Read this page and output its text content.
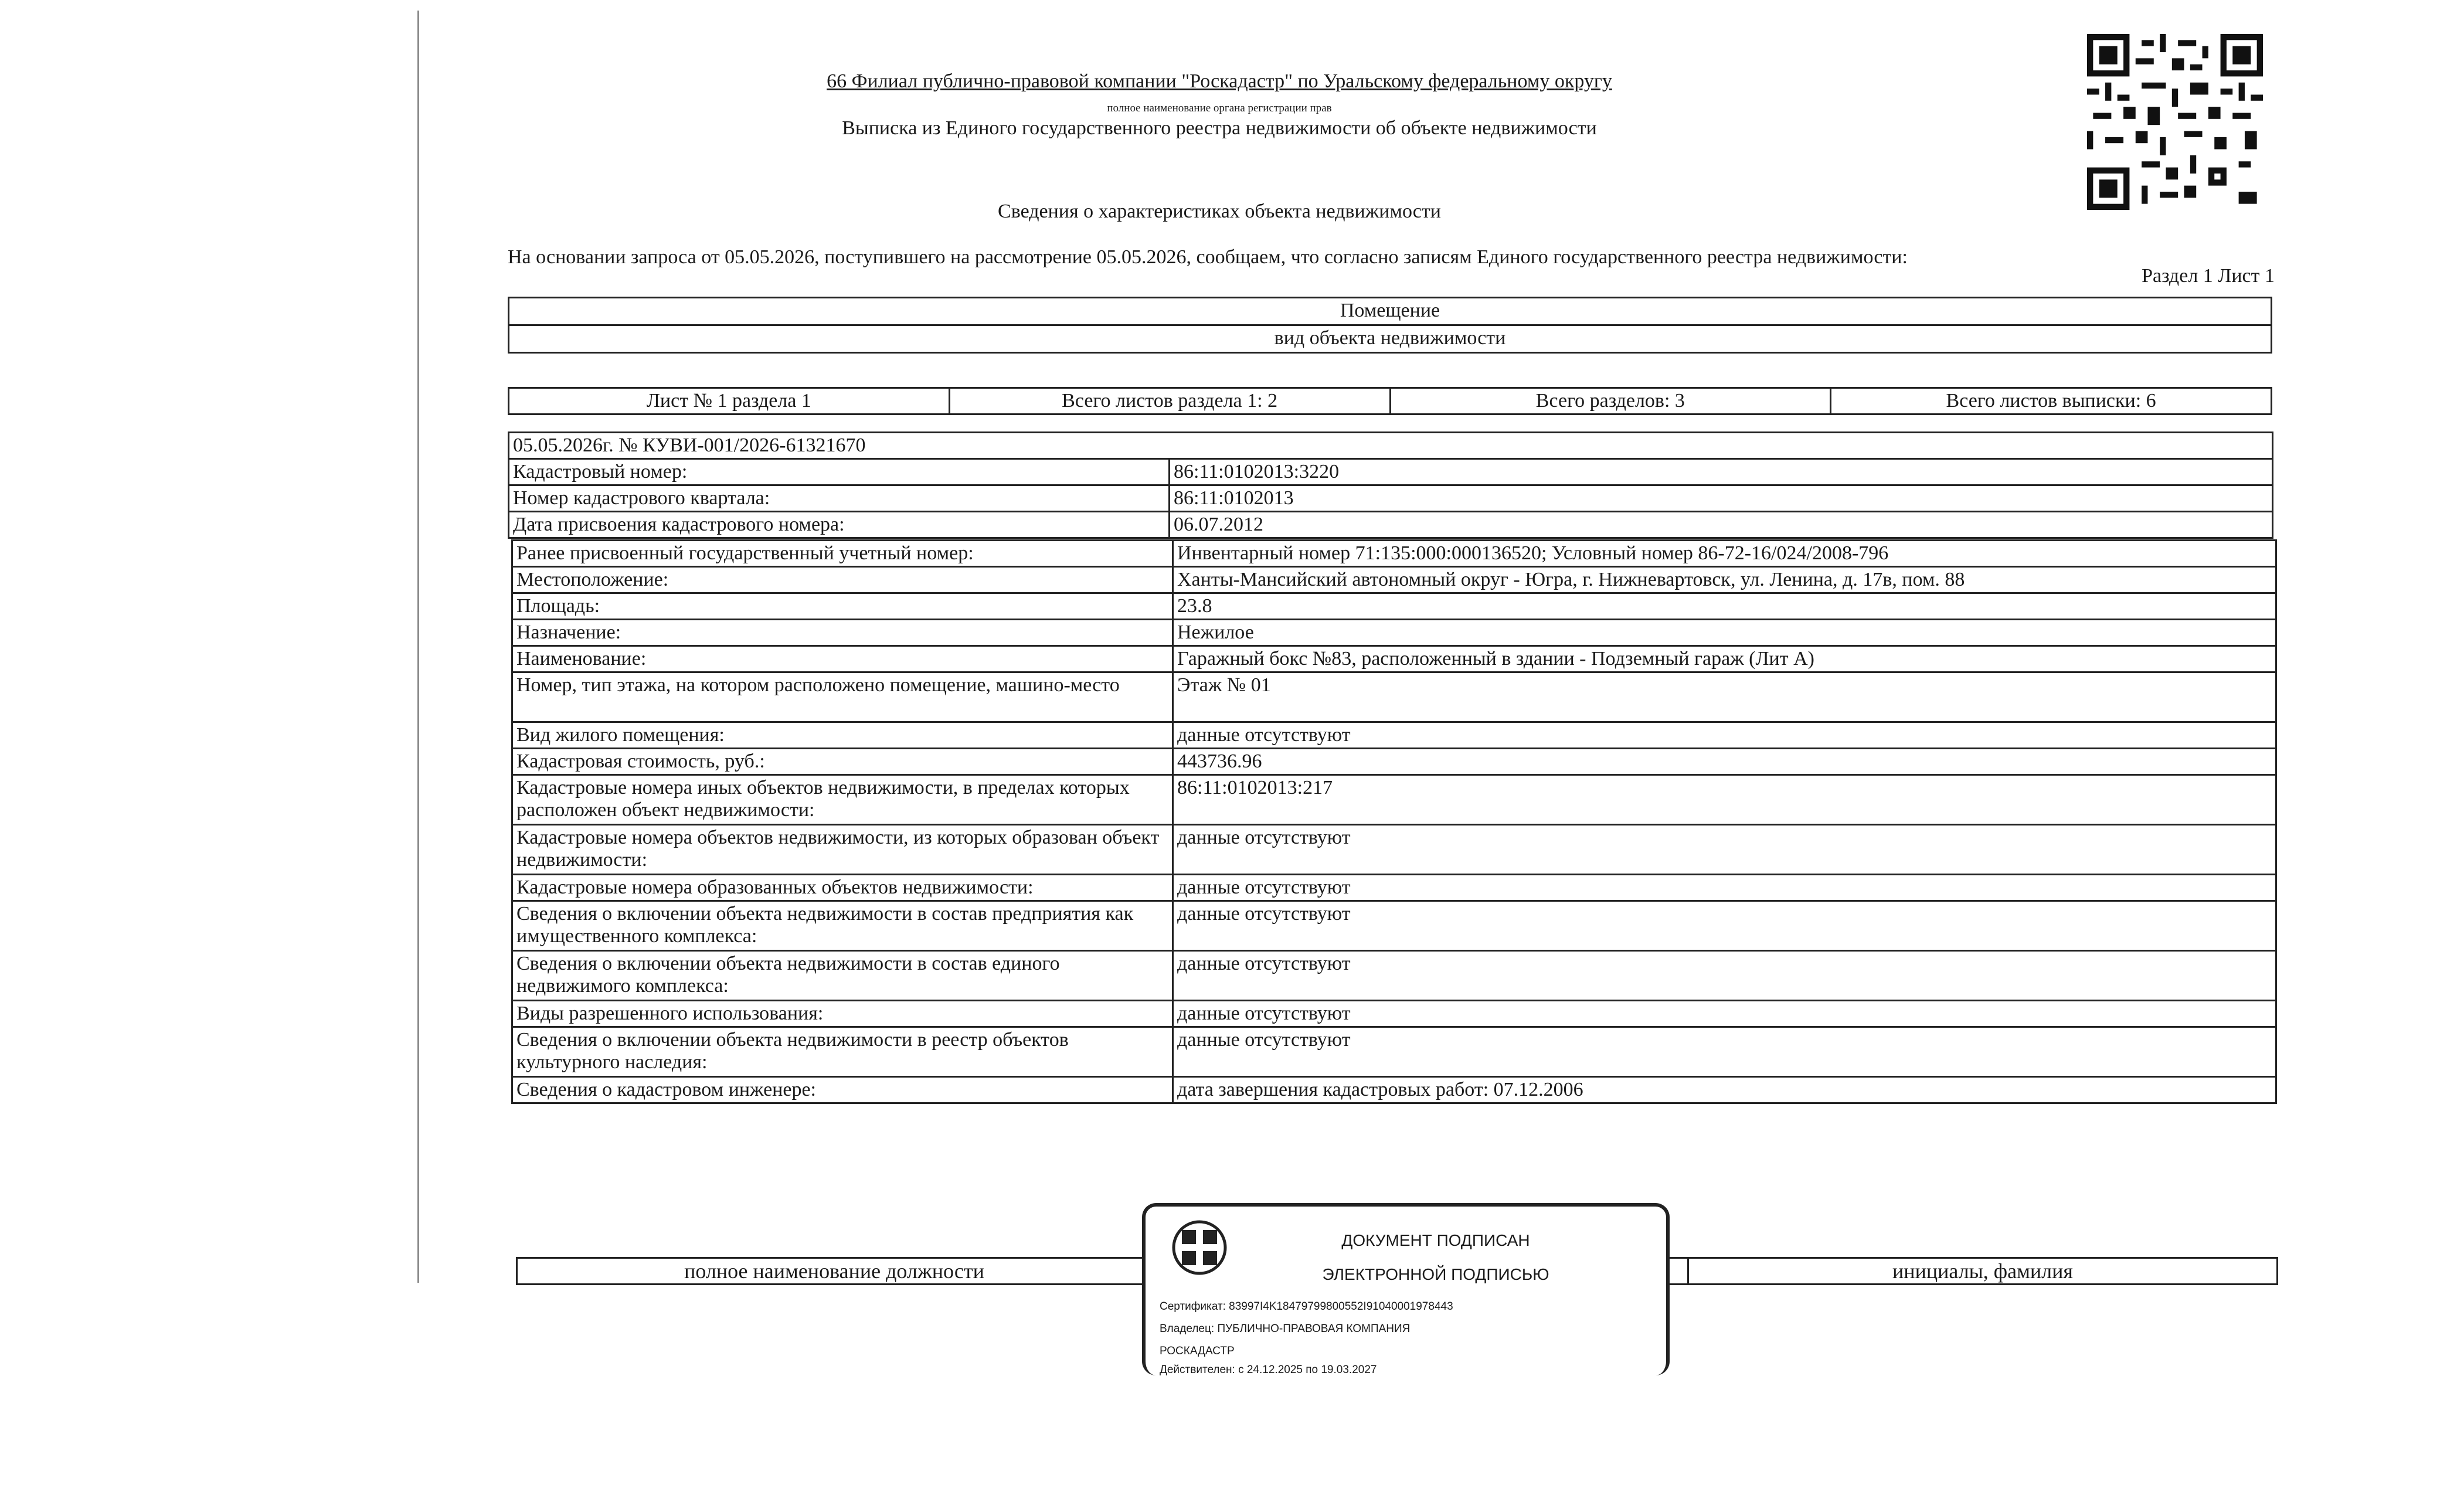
66 Филиал публично-правовой компании "Роскадастр" по Уральскому федеральному округу
полное наименование органа регистрации прав
Выписка из Единого государственного реестра недвижимости об объекте недвижимости
Сведения о характеристиках объекта недвижимости
На основании запроса от 05.05.2026, поступившего на рассмотрение 05.05.2026, сообщаем, что согласно записям Единого государственного реестра недвижимости:
Раздел 1 Лист 1
Помещение
вид объекта недвижимости
Лист № 1 раздела 1	Всего листов раздела 1: 2	Всего разделов: 3	Всего листов выписки: 6
05.05.2026г. № КУВИ-001/2026-61321670	
Кадастровый номер:	86:11:0102013:3220
Номер кадастрового квартала:	86:11:0102013
Дата присвоения кадастрового номера:	06.07.2012
Ранее присвоенный государственный учетный номер:	Инвентарный номер 71:135:000:000136520; Условный номер 86-72-16/024/2008-796
Местоположение:	Ханты-Мансийский автономный округ - Югра, г. Нижневартовск, ул. Ленина, д. 17в, пом. 88
Площадь:	23.8
Назначение:	Нежилое
Наименование:	Гаражный бокс №83, расположенный в здании - Подземный гараж (Лит А)
Номер, тип этажа, на котором расположено помещение, машино-место	Этаж № 01
Вид жилого помещения:	данные отсутствуют
Кадастровая стоимость, руб.:	443736.96
Кадастровые номера иных объектов недвижимости, в пределах которых расположен объект недвижимости:	86:11:0102013:217
Кадастровые номера объектов недвижимости, из которых образован объект недвижимости:	данные отсутствуют
Кадастровые номера образованных объектов недвижимости:	данные отсутствуют
Сведения о включении объекта недвижимости в состав предприятия как имущественного комплекса:	данные отсутствуют
Сведения о включении объекта недвижимости в состав единого недвижимого комплекса:	данные отсутствуют
Виды разрешенного использования:	данные отсутствуют
Сведения о включении объекта недвижимости в реестр объектов культурного наследия:	данные отсутствуют
Сведения о кадастровом инженере:	дата завершения кадастровых работ: 07.12.2006
полное наименование должности		инициалы, фамилия
ДОКУМЕНТ ПОДПИСАН
ЭЛЕКТРОННОЙ ПОДПИСЬЮ
Сертификат: 83997I4K18479799800552I91040001978443
Владелец: ПУБЛИЧНО-ПРАВОВАЯ КОМПАНИЯ
РОСКАДАСТР
Действителен: с 24.12.2025 по 19.03.2027
